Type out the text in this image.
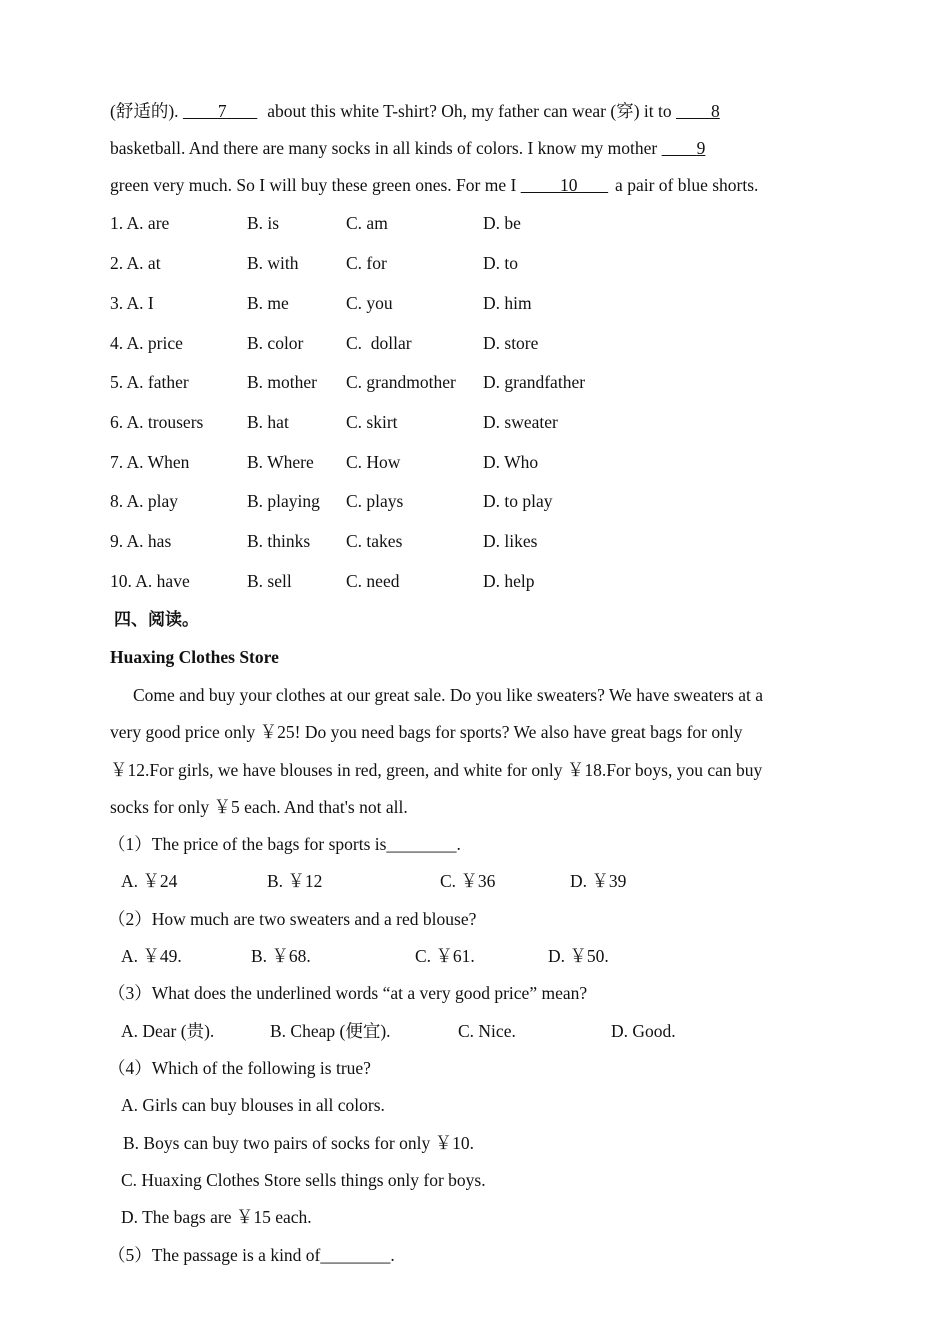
(舒适的).         7        about this white T-shirt? Oh, my father can wear (穿) it to         8
basketball. And there are many socks in all kinds of colors. I know my mother         9
green very much. So I will buy these green ones. For me I          10        a pair of blue shorts.
1. A. are	B. is	C. am	D. be
2. A. at	B. with	C. for	D. to
3. A. I	B. me	C. you	D. him
4. A. price	B. color C.  dollar	D. store
5. A. father	B. mother C. grandmother D. grandfather
6. A. trousers B. hat	C. skirt	D. sweater
7. A. When	B. Where C. How	D. Who
8. A. play	B. playing C. plays	D. to play
9. A. has	B. thinks C. takes	D. likes
10. A. have	B. sell	C. need	D. help
四、阅读。
Huaxing Clothes Store
Come and buy your clothes at our great sale. Do you like sweaters? We have sweaters at a
very good price only ￥25! Do you need bags for sports? We also have great bags for only
￥12.For girls, we have blouses in red, green, and white for only ￥18.For boys, you can buy
socks for only ￥5 each. And that's not all.
（1）The price of the bags for sports is________.
A. ￥24	B. ￥12	C. ￥36	D. ￥39
（2）How much are two sweaters and a red blouse?
A. ￥49.	B. ￥68.	C. ￥61.	D. ￥50.
（3）What does the underlined words “at a very good price” mean?
A. Dear (贵).	B. Cheap (便宜).	C. Nice.	D. Good.
（4）Which of the following is true?
A. Girls can buy blouses in all colors.
B. Boys can buy two pairs of socks for only ￥10.
C. Huaxing Clothes Store sells things only for boys.
D. The bags are ￥15 each.
（5）The passage is a kind of________.
